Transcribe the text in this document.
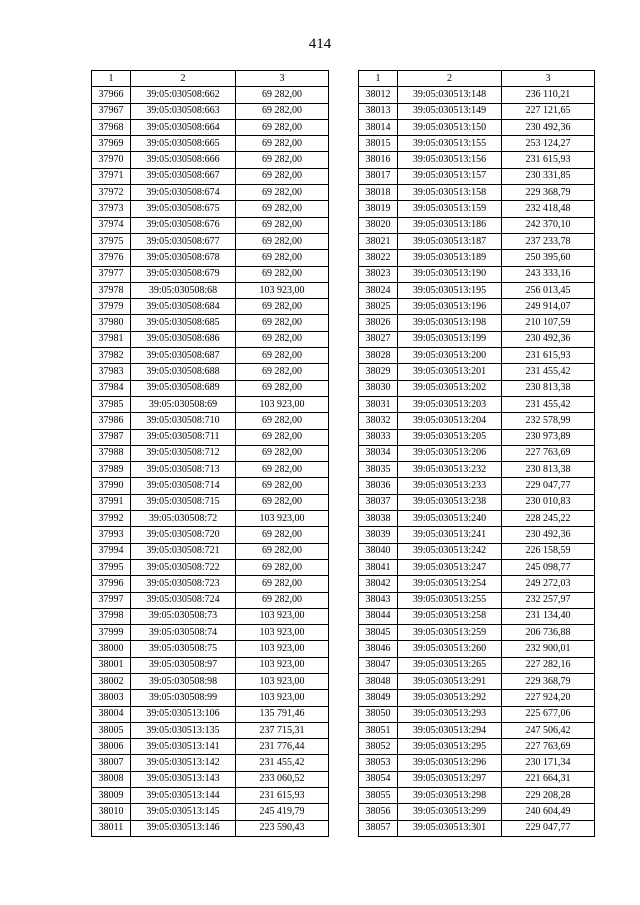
414
1	2	3
37966	39:05:030508:662	69 282,00
37967	39:05:030508:663	69 282,00
37968	39:05:030508:664	69 282,00
37969	39:05:030508:665	69 282,00
37970	39:05:030508:666	69 282,00
37971	39:05:030508:667	69 282,00
37972	39:05:030508:674	69 282,00
37973	39:05:030508:675	69 282,00
37974	39:05:030508:676	69 282,00
37975	39:05:030508:677	69 282,00
37976	39:05:030508:678	69 282,00
37977	39:05:030508:679	69 282,00
37978	39:05:030508:68	103 923,00
37979	39:05:030508:684	69 282,00
37980	39:05:030508:685	69 282,00
37981	39:05:030508:686	69 282,00
37982	39:05:030508:687	69 282,00
37983	39:05:030508:688	69 282,00
37984	39:05:030508:689	69 282,00
37985	39:05:030508:69	103 923,00
37986	39:05:030508:710	69 282,00
37987	39:05:030508:711	69 282,00
37988	39:05:030508:712	69 282,00
37989	39:05:030508:713	69 282,00
37990	39:05:030508:714	69 282,00
37991	39:05:030508:715	69 282,00
37992	39:05:030508:72	103 923,00
37993	39:05:030508:720	69 282,00
37994	39:05:030508:721	69 282,00
37995	39:05:030508:722	69 282,00
37996	39:05:030508:723	69 282,00
37997	39:05:030508:724	69 282,00
37998	39:05:030508:73	103 923,00
37999	39:05:030508:74	103 923,00
38000	39:05:030508:75	103 923,00
38001	39:05:030508:97	103 923,00
38002	39:05:030508:98	103 923,00
38003	39:05:030508:99	103 923,00
38004	39:05:030513:106	135 791,46
38005	39:05:030513:135	237 715,31
38006	39:05:030513:141	231 776,44
38007	39:05:030513:142	231 455,42
38008	39:05:030513:143	233 060,52
38009	39:05:030513:144	231 615,93
38010	39:05:030513:145	245 419,79
38011	39:05:030513:146	223 590,43
1	2	3
38012	39:05:030513:148	236 110,21
38013	39:05:030513:149	227 121,65
38014	39:05:030513:150	230 492,36
38015	39:05:030513:155	253 124,27
38016	39:05:030513:156	231 615,93
38017	39:05:030513:157	230 331,85
38018	39:05:030513:158	229 368,79
38019	39:05:030513:159	232 418,48
38020	39:05:030513:186	242 370,10
38021	39:05:030513:187	237 233,78
38022	39:05:030513:189	250 395,60
38023	39:05:030513:190	243 333,16
38024	39:05:030513:195	256 013,45
38025	39:05:030513:196	249 914,07
38026	39:05:030513:198	210 107,59
38027	39:05:030513:199	230 492,36
38028	39:05:030513:200	231 615,93
38029	39:05:030513:201	231 455,42
38030	39:05:030513:202	230 813,38
38031	39:05:030513:203	231 455,42
38032	39:05:030513:204	232 578,99
38033	39:05:030513:205	230 973,89
38034	39:05:030513:206	227 763,69
38035	39:05:030513:232	230 813,38
38036	39:05:030513:233	229 047,77
38037	39:05:030513:238	230 010,83
38038	39:05:030513:240	228 245,22
38039	39:05:030513:241	230 492,36
38040	39:05:030513:242	226 158,59
38041	39:05:030513:247	245 098,77
38042	39:05:030513:254	249 272,03
38043	39:05:030513:255	232 257,97
38044	39:05:030513:258	231 134,40
38045	39:05:030513:259	206 736,88
38046	39:05:030513:260	232 900,01
38047	39:05:030513:265	227 282,16
38048	39:05:030513:291	229 368,79
38049	39:05:030513:292	227 924,20
38050	39:05:030513:293	225 677,06
38051	39:05:030513:294	247 506,42
38052	39:05:030513:295	227 763,69
38053	39:05:030513:296	230 171,34
38054	39:05:030513:297	221 664,31
38055	39:05:030513:298	229 208,28
38056	39:05:030513:299	240 604,49
38057	39:05:030513:301	229 047,77
